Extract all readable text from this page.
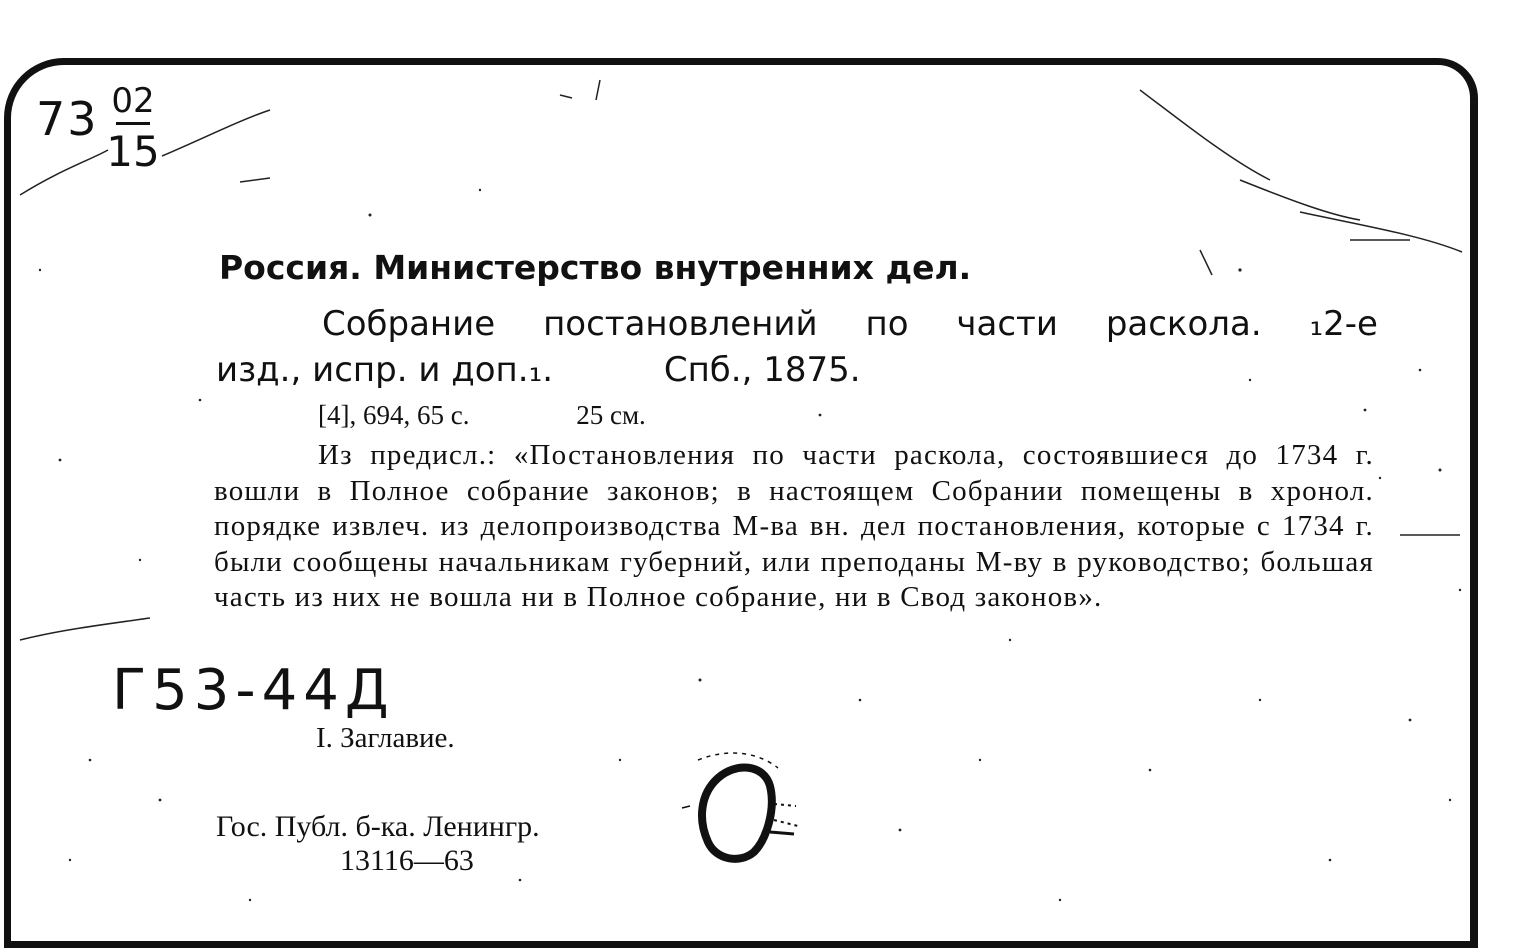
73 02
15
Россия. Министерство внутренних дел.
Собрание постановлений по части раскола. ₁2-е
изд., испр. и доп.₁.	Спб., 1875.
[4], 694, 65 с.	25 см.
Из предисл.: «Постановления по части раскола, состоявшиеся до 1734 г. вошли в Полное собрание законов; в настоящем Собрании помещены в хронол. порядке извлеч. из делопроизводства М-ва вн. дел постановления, которые с 1734 г. были сообщены начальникам губерний, или преподаны М-ву в руководство; большая часть из них не вошла ни в Полное собрание, ни в Свод законов».
Г53-44Д
I. Заглавие.
Гос. Публ. б-ка. Ленингр.
13116—63
